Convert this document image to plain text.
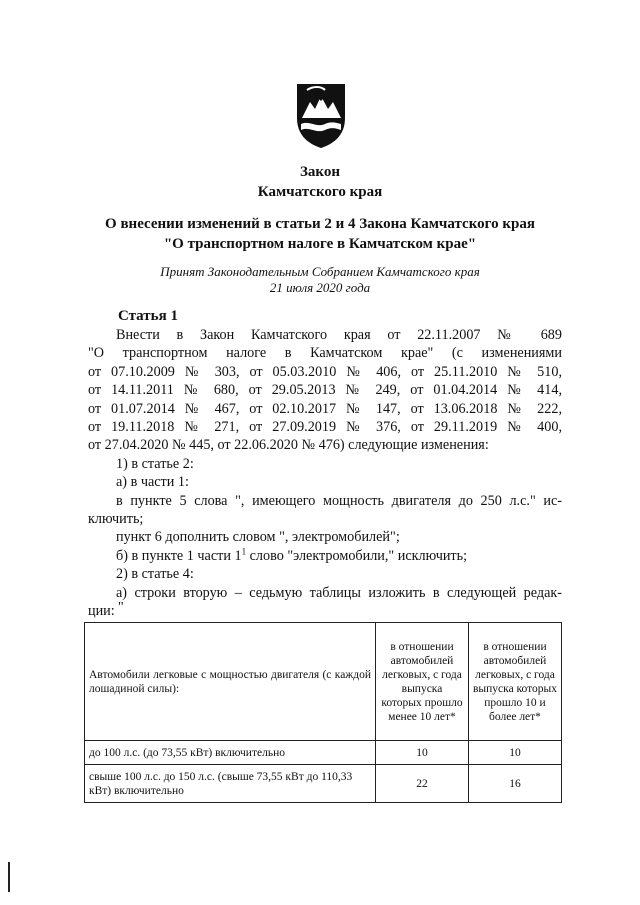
Закон
Камчатского края
О внесении изменений в статьи 2 и 4 Закона Камчатского края
"О транспортном налоге в Камчатском крае"
Принят Законодательным Собранием Камчатского края
21 июля 2020 года
Статья 1

Внести в Закон Камчатского края от 22.11.2007 № 689

"О транспортном налоге в Камчатском крае" (с изменениями

от 07.10.2009 № 303, от 05.03.2010 № 406, от 25.11.2010 № 510,

от 14.11.2011 № 680, от 29.05.2013 № 249, от 01.04.2014 № 414,

от 01.07.2014 № 467, от 02.10.2017 № 147, от 13.06.2018 № 222,

от 19.11.2018 № 271, от 27.09.2019 № 376, от 29.11.2019 № 400,

от 27.04.2020 № 445, от 22.06.2020 № 476) следующие изменения:

1) в статье 2:

а) в части 1:

в пункте 5 слова ", имеющего мощность двигателя до 250 л.с." ис-

ключить;

пункт 6 дополнить словом ", электромобилей";

б) в пункте 1 части $1^1$ слово "электромобили," исключить;

2) в статье 4:

а) строки вторую – седьмую таблицы изложить в следующей редак-

ции: "
Автомобили легковые с мощностью двигателя (с каждой лошадиной силы):	в отношении автомобилей легковых, с года выпуска которых прошло менее 10 лет*	в отношении автомобилей легковых, с года выпуска которых прошло 10 и более лет*
до 100 л.с. (до 73,55 кВт) включительно	10	10
свыше 100 л.с. до 150 л.с. (свыше 73,55 кВт до 110,33 кВт) включительно	22	16
